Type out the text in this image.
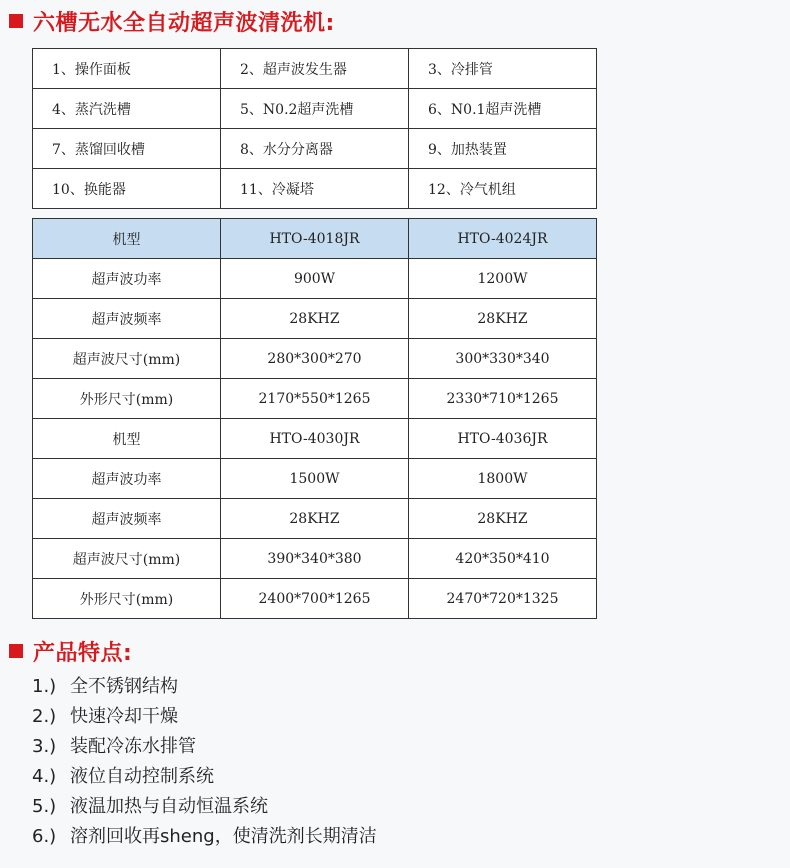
六槽无水全自动超声波清洗机:
1、操作面板	2、超声波发生器	3、冷排管
4、蒸汽洗槽	5、N0.2超声洗槽	6、N0.1超声洗槽
7、蒸馏回收槽	8、水分分离器	9、加热装置
10、换能器	11、冷凝塔	12、冷气机组
机型	HTO-4018JR	HTO-4024JR
超声波功率	900W	1200W
超声波频率	28KHZ	28KHZ
超声波尺寸(mm)	280*300*270	300*330*340
外形尺寸(mm)	2170*550*1265	2330*710*1265
机型	HTO-4030JR	HTO-4036JR
超声波功率	1500W	1800W
超声波频率	28KHZ	28KHZ
超声波尺寸(mm)	390*340*380	420*350*410
外形尺寸(mm)	2400*700*1265	2470*720*1325
产品特点:
1.) 全不锈钢结构
2.) 快速冷却干燥
3.) 装配冷冻水排管
4.) 液位自动控制系统
5.) 液温加热与自动恒温系统
6.) 溶剂回收再sheng，使清洗剂长期清洁
